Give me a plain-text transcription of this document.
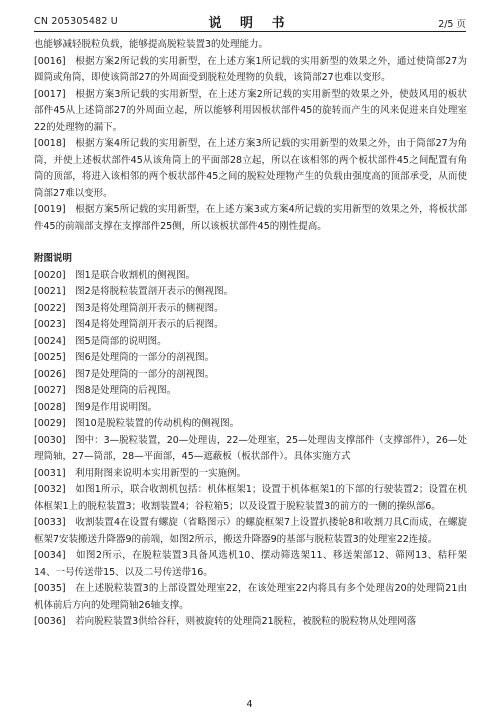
CN 205305482 U	说 明 书	2/5 页

也能够减轻脱粒负载，能够提高脱粒装置3的处理能力。

[0016]　根据方案2所记载的实用新型，在上述方案1所记载的实用新型的效果之外，通过使筒部27为圆筒或角筒，即使该筒部27的外周面受到脱粒处理物的负载，该筒部27也难以变形。

[0017]　根据方案3所记载的实用新型，在上述方案2所记载的实用新型的效果之外，使鼓风用的板状部件45从上述筒部27的外周面立起，所以能够利用因板状部件45的旋转而产生的风来促进来自处理室22的处理物的漏下。

[0018]　根据方案4所记载的实用新型，在上述方案3所记载的实用新型的效果之外，由于筒部27为角筒，并使上述板状部件45从该角筒上的平面部28立起，所以在该相邻的两个板状部件45之间配置有角筒的顶部，将进入该相邻的两个板状部件45之间的脱粒处理物产生的负载由强度高的顶部承受，从而使筒部27难以变形。

[0019]　根据方案5所记载的实用新型，在上述方案3或方案4所记载的实用新型的效果之外，将板状部件45的前端部支撑在支撑部件25侧，所以该板状部件45的刚性提高。

附图说明

[0020]　图1是联合收割机的侧视图。

[0021]　图2是将脱粒装置剖开表示的侧视图。

[0022]　图3是将处理筒剖开表示的侧视图。

[0023]　图4是将处理筒剖开表示的后视图。

[0024]　图5是筒部的说明图。

[0025]　图6是处理筒的一部分的剖视图。

[0026]　图7是处理筒的一部分的剖视图。

[0027]　图8是处理筒的后视图。

[0028]　图9是作用说明图。

[0029]　图10是脱粒装置的传动机构的侧视图。

[0030]　图中：3—脱粒装置，20—处理齿，22—处理室，25—处理齿支撑部件（支撑部件），26—处理筒轴，27—筒部，28—平面部，45—遮蔽板（板状部件）。具体实施方式

[0031]　利用附图来说明本实用新型的一实施例。

[0032]　如图1所示，联合收割机包括：机体框架1；设置于机体框架1的下部的行驶装置2；设置在机体框架1上的脱粒装置3；收割装置4；谷粒箱5；以及设置于脱粒装置3的前方的一侧的操纵部6。

[0033]　收割装置4在设置有螺旋（省略图示）的螺旋框架7上设置扒搂轮8和收割刀具C而成，在螺旋框架7安装搬送升降器9的前端，如图2所示，搬送升降器9的基部与脱粒装置3的处理室22连接。

[0034]　如图2所示，在脱粒装置3具备风选机10、摆动筛选架11、移送架部12、筛网13、秸秆架14、一号传送带15、以及二号传送带16。

[0035]　在上述脱粒装置3的上部设置处理室22，在该处理室22内将具有多个处理齿20的处理筒21由机体前后方向的处理筒轴26轴支撑。

[0036]　若向脱粒装置3供给谷秆，则被旋转的处理筒21脱粒，被脱粒的脱粒物从处理网落

4
